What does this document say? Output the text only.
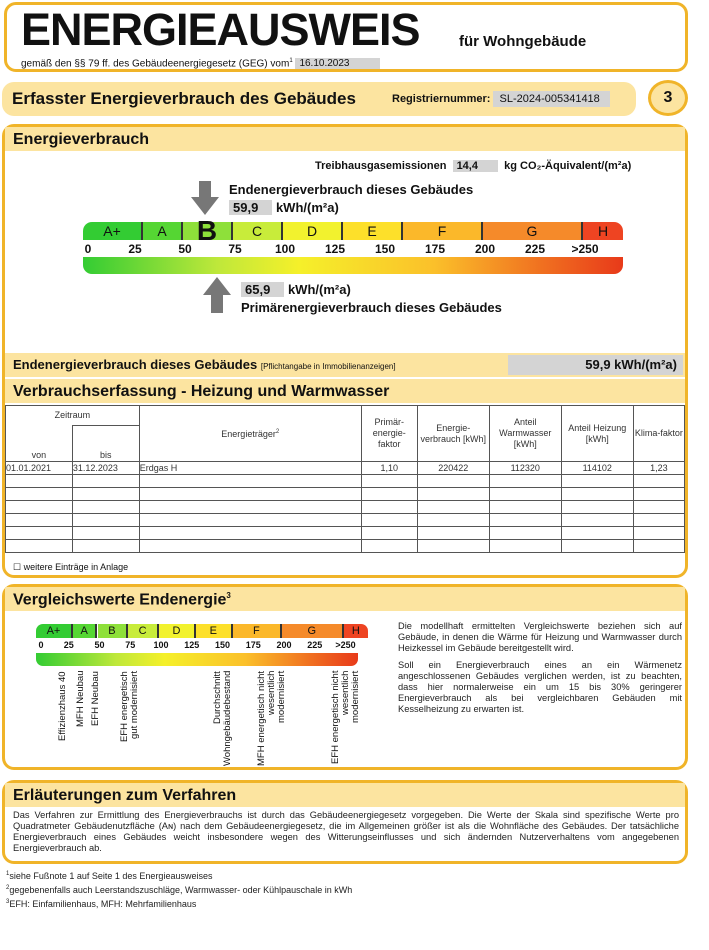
ENERGIEAUSWEIS	für Wohngebäude
gemäß den §§ 79 ff. des Gebäudeenergiegesetz (GEG) vom$^1$ 16.10.2023
Erfasster Energieverbrauch des Gebäudes	Registriernummer: SL-2024-005341418	3
Energieverbrauch
Treibhausgasemissionen 14,4 kg CO₂-Äquivalent/(m²a)
Endenergieverbrauch dieses Gebäudes
59,9 kWh/(m²a)
A+	A	B	C	D	E	F	G	H
0	25	50	75	100 125 150 175 200 225 >250
65,9 kWh/(m²a)
Primärenergieverbrauch dieses Gebäudes
Endenergieverbrauch dieses Gebäudes [Pflichtangabe in Immobilienanzeigen]	59,9 kWh/(m²a)
Verbrauchserfassung - Heizung und Warmwasser
Zeitraum		Energieträger$^2$	Primär-energie-faktor	Energie-verbrauch [kWh]	Anteil Warmwasser [kWh]	Anteil Heizung [kWh]	Klima-faktor
von	bis						
01.01.2021	31.12.2023	Erdgas H	1,10	220422	112320	114102	1,23

☐ weitere Einträge in Anlage
Vergleichswerte Endenergie$^3$
A+	A	B	C	D	E	F	G	H
0 25 50 75 100 125 150 175 200 225 >250
Effizienzhaus 40 MFH Neubau EFH Neubau
EFH energetisch
gut modernisiert	Durchschnitt
Wohngebäudebestand MFH energetisch nicht
wesentlich modernisiert
EFH energetisch nicht
wesentlich modernisiert
Die modellhaft ermittelten Vergleichswerte beziehen sich auf Gebäude, in denen die Wärme für Heizung und Warmwasser durch Heizkessel im Gebäude bereitgestellt wird.
Soll ein Energieverbrauch eines an ein Wärmenetz angeschlossenen Gebäudes verglichen werden, ist zu beachten, dass hier normalerweise ein um 15 bis 30% geringerer Energieverbrauch als bei vergleichbaren Gebäuden mit Kesselheizung zu erwarten ist.
Erläuterungen zum Verfahren
Das Verfahren zur Ermittlung des Energieverbrauchs ist durch das Gebäudeenergiegesetz vorgegeben. Die Werte der Skala sind spezifische Werte pro Quadratmeter Gebäudenutzfläche (Aɴ) nach dem Gebäudeenergiegesetz, die im Allgemeinen größer ist als die Wohnfläche des Gebäudes. Der tatsächliche Energieverbrauch eines Gebäudes weicht insbesondere wegen des Witterungseinflusses und sich ändernden Nutzerverhaltens vom angegebenen Energieverbrauch ab.
$^1$siehe Fußnote 1 auf Seite 1 des Energieausweises
$^2$gegebenenfalls auch Leerstandszuschläge, Warmwasser- oder Kühlpauschale in kWh
$^3$EFH: Einfamilienhaus, MFH: Mehrfamilienhaus
